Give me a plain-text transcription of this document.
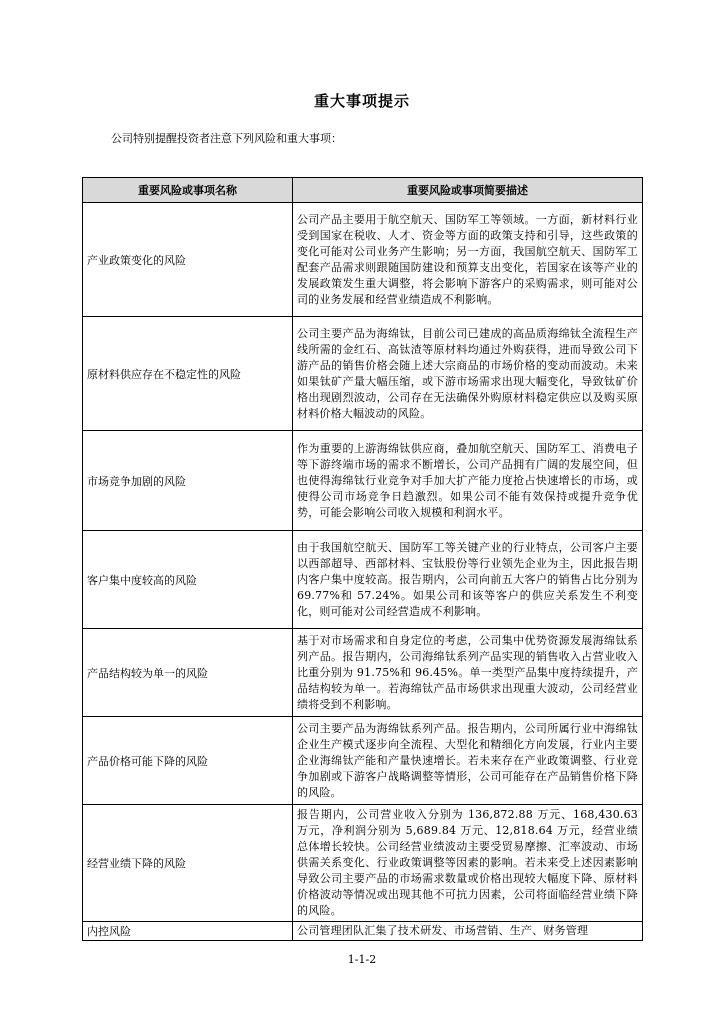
重大事项提示
公司特别提醒投资者注意下列风险和重大事项：
重要风险或事项名称	重要风险或事项简要描述
产业政策变化的风险	公司产品主要用于航空航天、国防军工等领域。一方面，新材料行业受到国家在税收、人才、资金等方面的政策支持和引导，这些政策的变化可能对公司业务产生影响；另一方面，我国航空航天、国防军工配套产品需求则跟随国防建设和预算支出变化，若国家在该等产业的发展政策发生重大调整，将会影响下游客户的采购需求，则可能对公司的业务发展和经营业绩造成不利影响。
原材料供应存在不稳定性的风险	公司主要产品为海绵钛，目前公司已建成的高品质海绵钛全流程生产线所需的金红石、高钛渣等原材料均通过外购获得，进而导致公司下游产品的销售价格会随上述大宗商品的市场价格的变动而波动。未来如果钛矿产量大幅压缩，或下游市场需求出现大幅变化，导致钛矿价格出现剧烈波动，公司存在无法确保外购原材料稳定供应以及购买原材料价格大幅波动的风险。
市场竞争加剧的风险	作为重要的上游海绵钛供应商，叠加航空航天、国防军工、消费电子等下游终端市场的需求不断增长，公司产品拥有广阔的发展空间，但也使得海绵钛行业竞争对手加大扩产能力度抢占快速增长的市场，或使得公司市场竞争日趋激烈。如果公司不能有效保持或提升竞争优势，可能会影响公司收入规模和利润水平。
客户集中度较高的风险	由于我国航空航天、国防军工等关键产业的行业特点，公司客户主要以西部超导、西部材料、宝钛股份等行业领先企业为主，因此报告期内客户集中度较高。报告期内，公司向前五大客户的销售占比分别为 69.77%和 57.24%。如果公司和该等客户的供应关系发生不利变化，则可能对公司经营造成不利影响。
产品结构较为单一的风险	基于对市场需求和自身定位的考虑，公司集中优势资源发展海绵钛系列产品。报告期内，公司海绵钛系列产品实现的销售收入占营业收入比重分别为 91.75%和 96.45%。单一类型产品集中度持续提升，产品结构较为单一。若海绵钛产品市场供求出现重大波动，公司经营业绩将受到不利影响。
产品价格可能下降的风险	公司主要产品为海绵钛系列产品。报告期内，公司所属行业中海绵钛企业生产模式逐步向全流程、大型化和精细化方向发展，行业内主要企业海绵钛产能和产量快速增长。若未来存在产业政策调整、行业竞争加剧或下游客户战略调整等情形，公司可能存在产品销售价格下降的风险。
经营业绩下降的风险	报告期内，公司营业收入分别为 136,872.88 万元、168,430.63 万元，净利润分别为 5,689.84 万元、12,818.64 万元，经营业绩总体增长较快。公司经营业绩波动主要受贸易摩擦、汇率波动、市场供需关系变化、行业政策调整等因素的影响。若未来受上述因素影响导致公司主要产品的市场需求数量或价格出现较大幅度下降、原材料价格波动等情况或出现其他不可抗力因素，公司将面临经营业绩下降的风险。
内控风险	公司管理团队汇集了技术研发、市场营销、生产、财务管理
1-1-2
